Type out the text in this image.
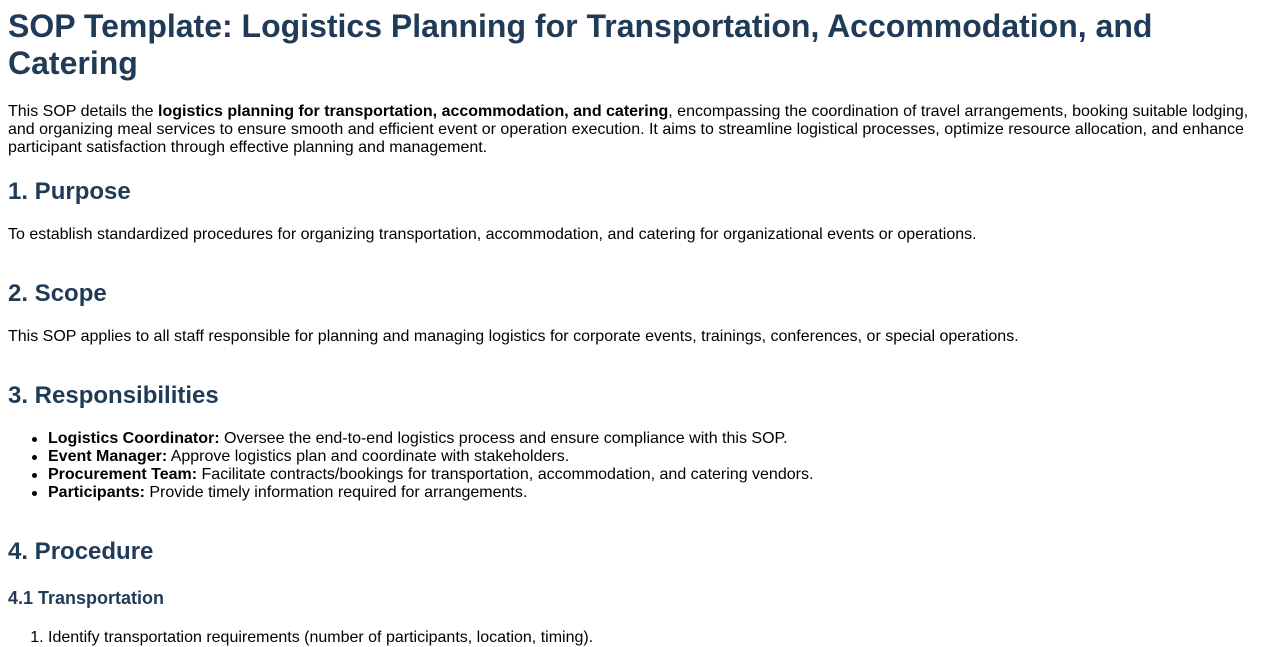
SOP Template: Logistics Planning for Transportation, Accommodation, and Catering

This SOP details the logistics planning for transportation, accommodation, and catering, encompassing the coordination of travel arrangements, booking suitable lodging, and organizing meal services to ensure smooth and efficient event or operation execution. It aims to streamline logistical processes, optimize resource allocation, and enhance participant satisfaction through effective planning and management.

1. Purpose

To establish standardized procedures for organizing transportation, accommodation, and catering for organizational events or operations.

2. Scope

This SOP applies to all staff responsible for planning and managing logistics for corporate events, trainings, conferences, or special operations.

3. Responsibilities
Logistics Coordinator: Oversee the end-to-end logistics process and ensure compliance with this SOP.
Event Manager: Approve logistics plan and coordinate with stakeholders.
Procurement Team: Facilitate contracts/bookings for transportation, accommodation, and catering vendors.
Participants: Provide timely information required for arrangements.
4. Procedure
4.1 Transportation
1. Identify transportation requirements (number of participants, location, timing).
